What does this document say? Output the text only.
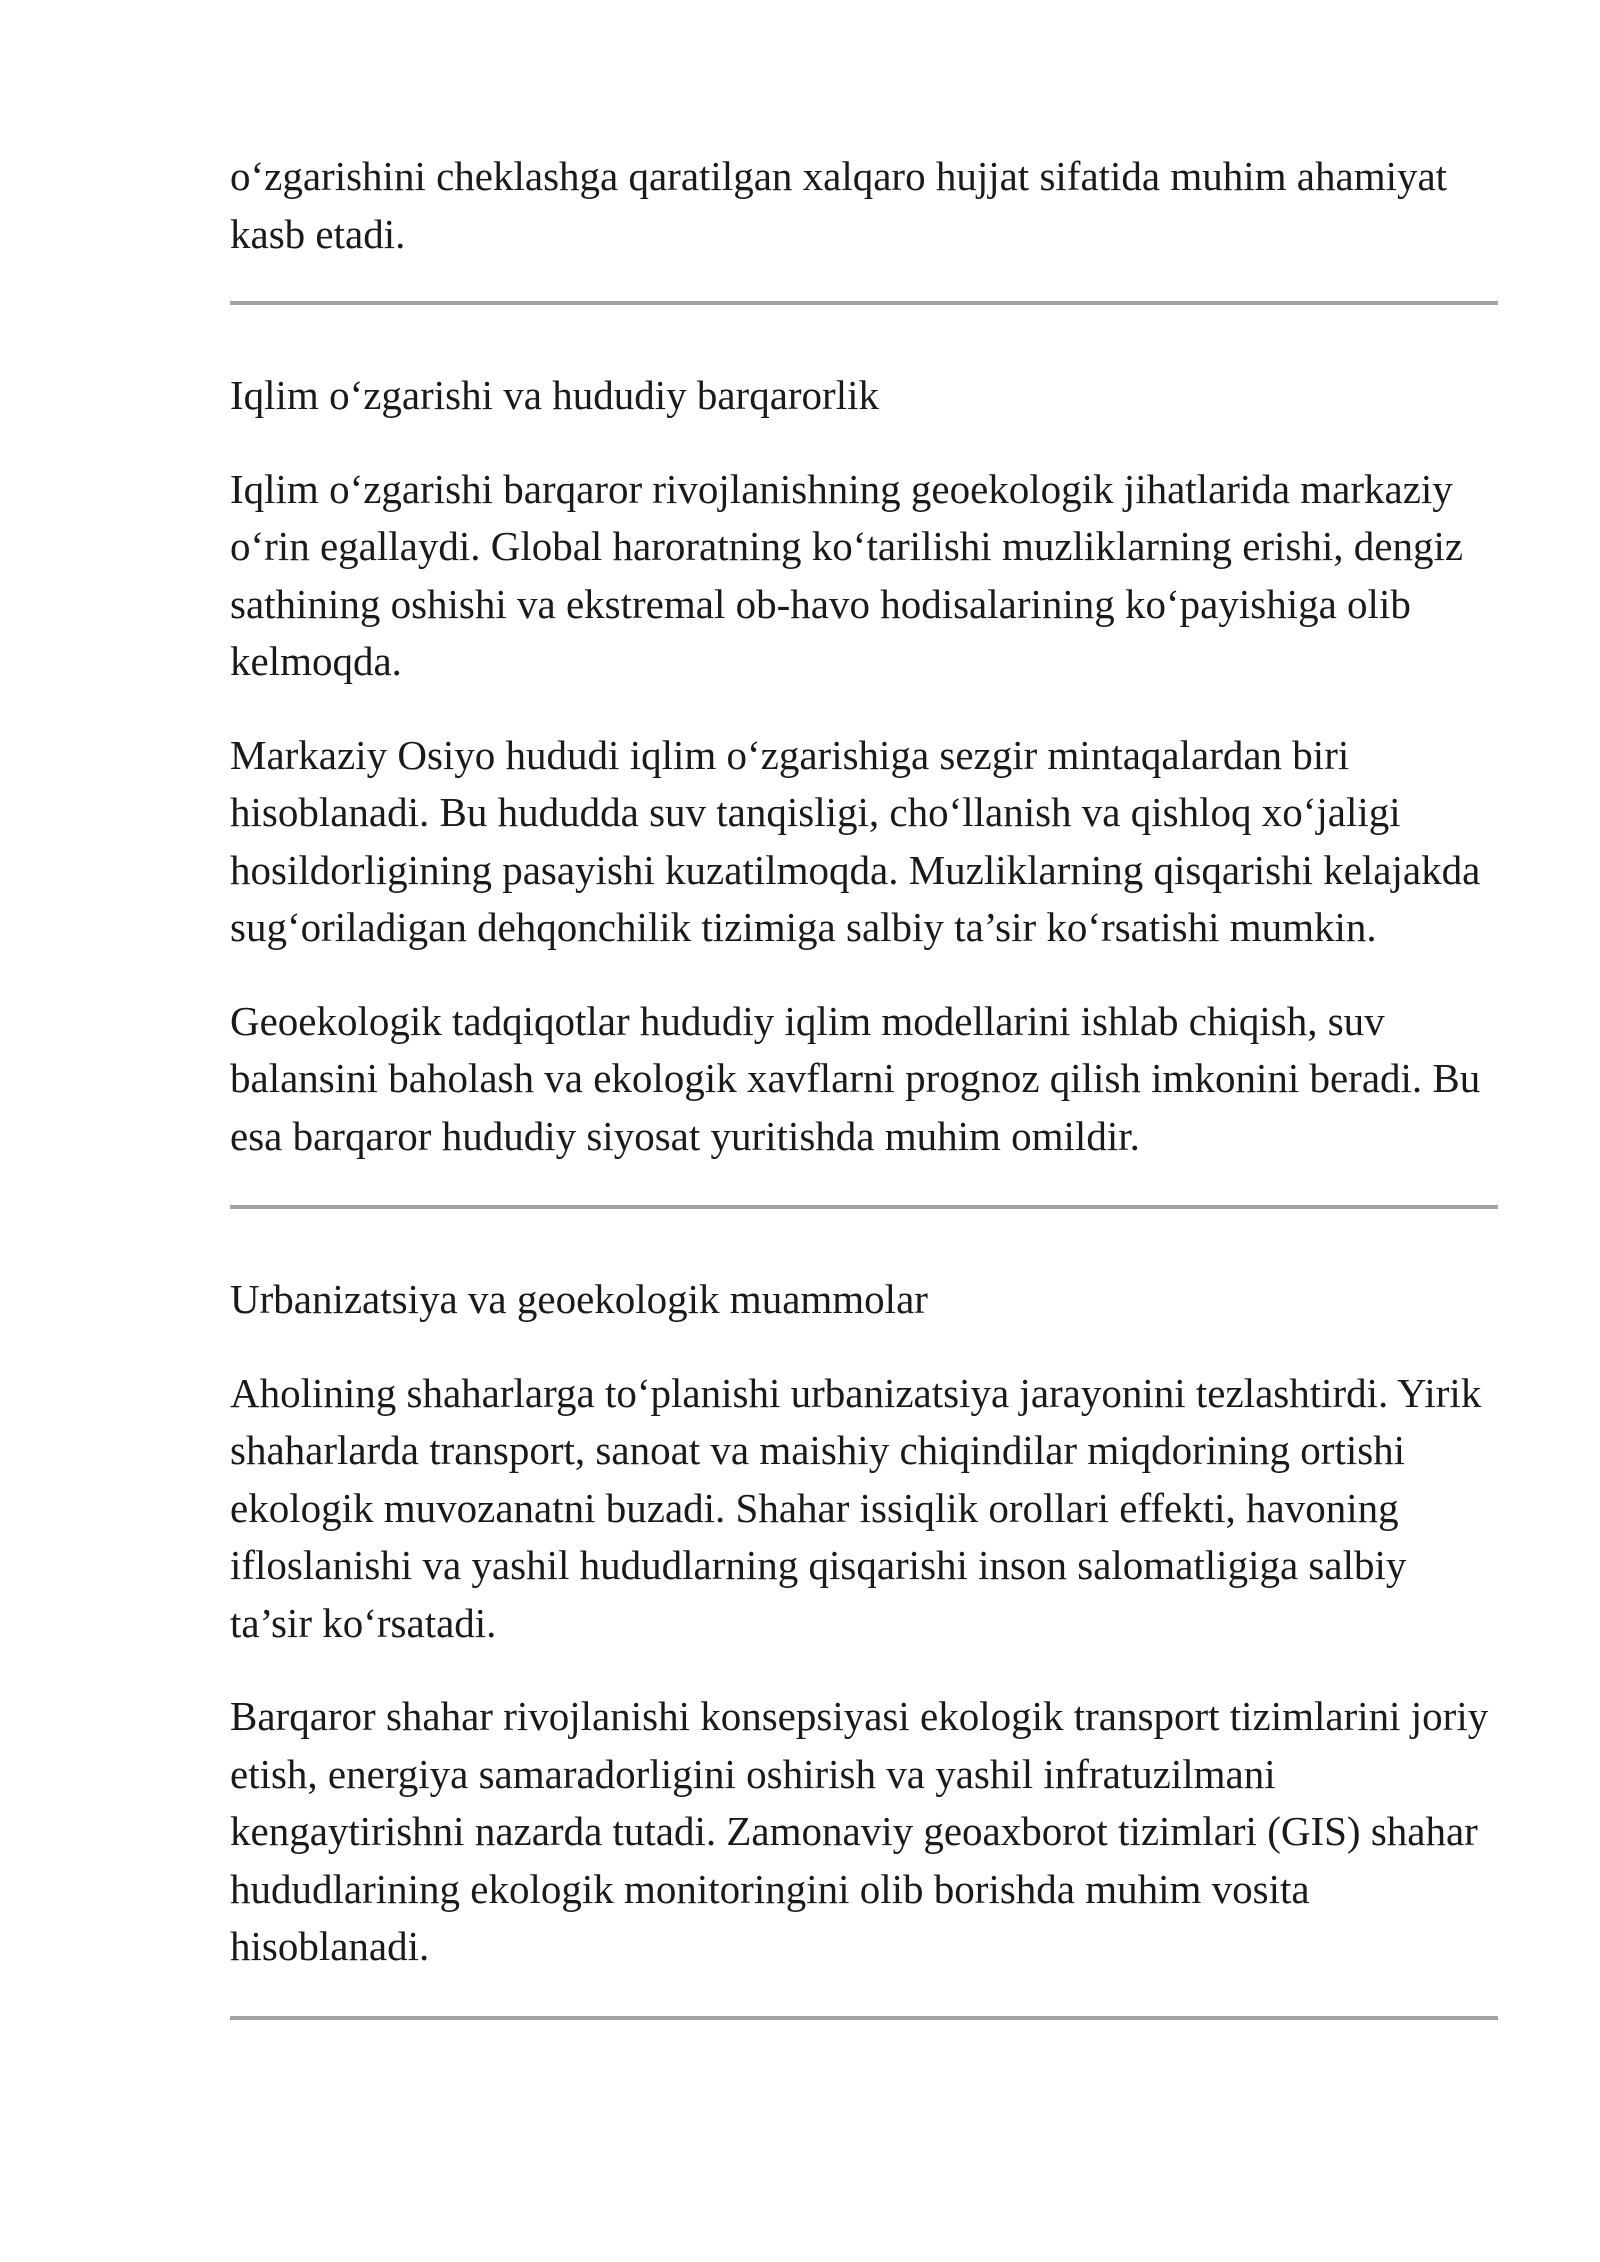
o‘zgarishini cheklashga qaratilgan xalqaro hujjat sifatida muhim ahamiyat kasb etadi.

Iqlim o‘zgarishi va hududiy barqarorlik

Iqlim o‘zgarishi barqaror rivojlanishning geoekologik jihatlarida markaziy o‘rin egallaydi. Global haroratning ko‘tarilishi muzliklarning erishi, dengiz sathining oshishi va ekstremal ob-havo hodisalarining ko‘payishiga olib kelmoqda.

Markaziy Osiyo hududi iqlim o‘zgarishiga sezgir mintaqalardan biri hisoblanadi. Bu hududda suv tanqisligi, cho‘llanish va qishloq xo‘jaligi hosildorligining pasayishi kuzatilmoqda. Muzliklarning qisqarishi kelajakda sug‘oriladigan dehqonchilik tizimiga salbiy ta’sir ko‘rsatishi mumkin.

Geoekologik tadqiqotlar hududiy iqlim modellarini ishlab chiqish, suv balansini baholash va ekologik xavflarni prognoz qilish imkonini beradi. Bu esa barqaror hududiy siyosat yuritishda muhim omildir.

Urbanizatsiya va geoekologik muammolar

Aholining shaharlarga to‘planishi urbanizatsiya jarayonini tezlashtirdi. Yirik shaharlarda transport, sanoat va maishiy chiqindilar miqdorining ortishi ekologik muvozanatni buzadi. Shahar issiqlik orollari effekti, havoning ifloslanishi va yashil hududlarning qisqarishi inson salomatligiga salbiy ta’sir ko‘rsatadi.

Barqaror shahar rivojlanishi konsepsiyasi ekologik transport tizimlarini joriy etish, energiya samaradorligini oshirish va yashil infratuzilmani kengaytirishni nazarda tutadi. Zamonaviy geoaxborot tizimlari (GIS) shahar hududlarining ekologik monitoringini olib borishda muhim vosita hisoblanadi.
